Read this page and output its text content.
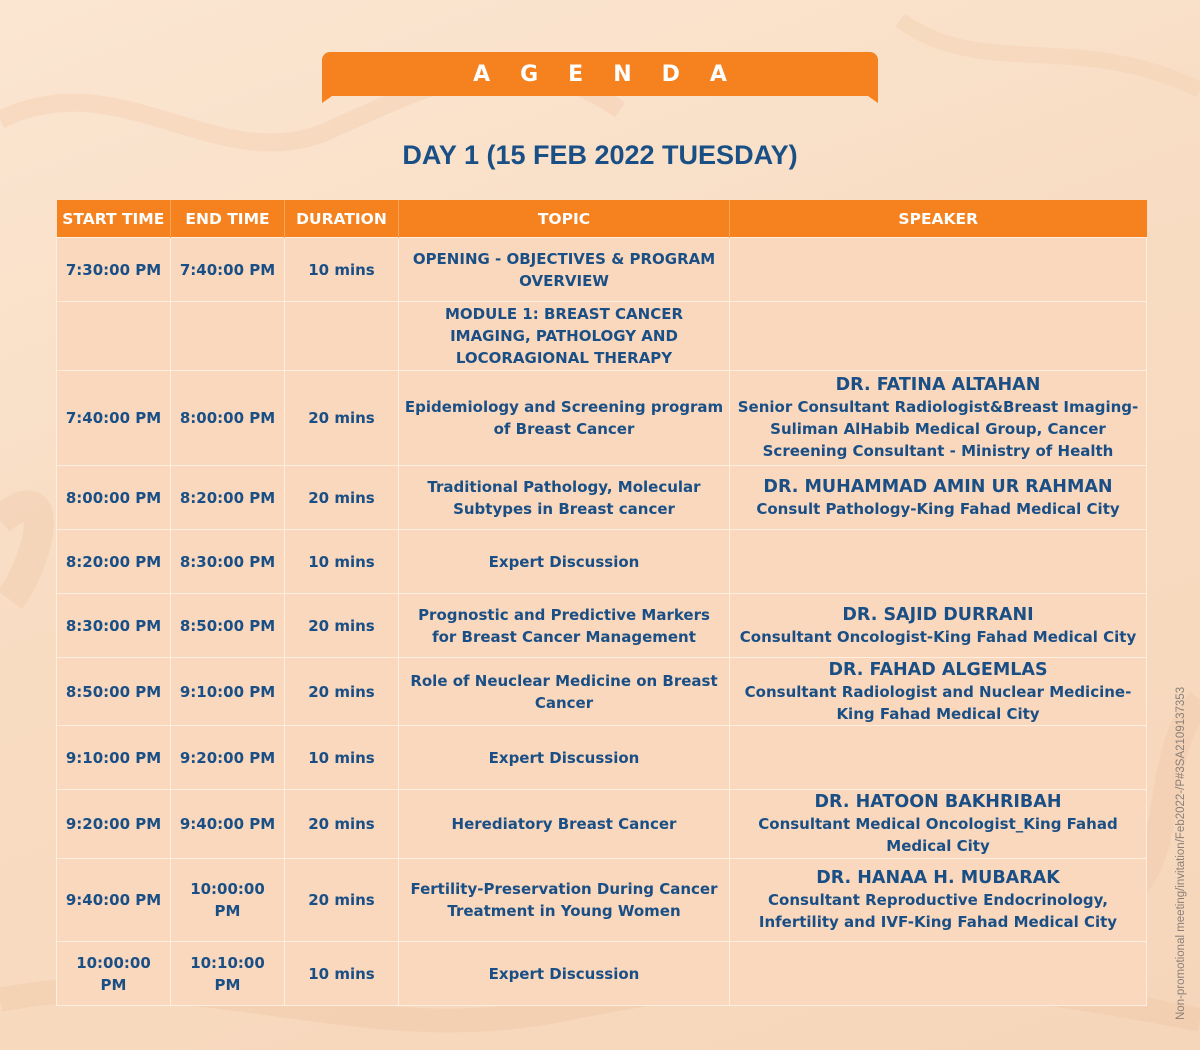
AGENDA
DAY 1 (15 FEB 2022 TUESDAY)
START TIME	END TIME	DURATION	TOPIC	SPEAKER
7:30:00 PM	7:40:00 PM	10 mins	OPENING - OBJECTIVES & PROGRAM OVERVIEW	

			MODULE 1: BREAST CANCER IMAGING, PATHOLOGY AND LOCORAGIONAL THERAPY	

7:40:00 PM	8:00:00 PM	20 mins	Epidemiology and Screening program of Breast Cancer	DR. FATINA ALTAHAN
Senior Consultant Radiologist&Breast Imaging- Suliman AlHabib Medical Group, Cancer Screening Consultant - Ministry of Health

8:00:00 PM	8:20:00 PM	20 mins	Traditional Pathology, Molecular Subtypes in Breast cancer	DR. MUHAMMAD AMIN UR RAHMAN
Consult Pathology-King Fahad Medical City

8:20:00 PM	8:30:00 PM	10 mins	Expert Discussion	

8:30:00 PM	8:50:00 PM	20 mins	Prognostic and Predictive Markers for Breast Cancer Management	DR. SAJID DURRANI
Consultant Oncologist-King Fahad Medical City

8:50:00 PM	9:10:00 PM	20 mins	Role of Neuclear Medicine on Breast Cancer	DR. FAHAD ALGEMLAS
Consultant Radiologist and Nuclear Medicine-King Fahad Medical City

9:10:00 PM	9:20:00 PM	10 mins	Expert Discussion	

9:20:00 PM	9:40:00 PM	20 mins	Herediatory Breast Cancer	DR. HATOON BAKHRIBAH
Consultant Medical Oncologist_King Fahad Medical City

9:40:00 PM	10:00:00 PM	20 mins	Fertility-Preservation During Cancer Treatment in Young Women	DR. HANAA H. MUBARAK
Consultant Reproductive Endocrinology, Infertility and IVF-King Fahad Medical City

10:00:00 PM	10:10:00 PM	10 mins	Expert Discussion		Non-promotional meeting/invitation/Feb2022-/P#3SA2109137353
